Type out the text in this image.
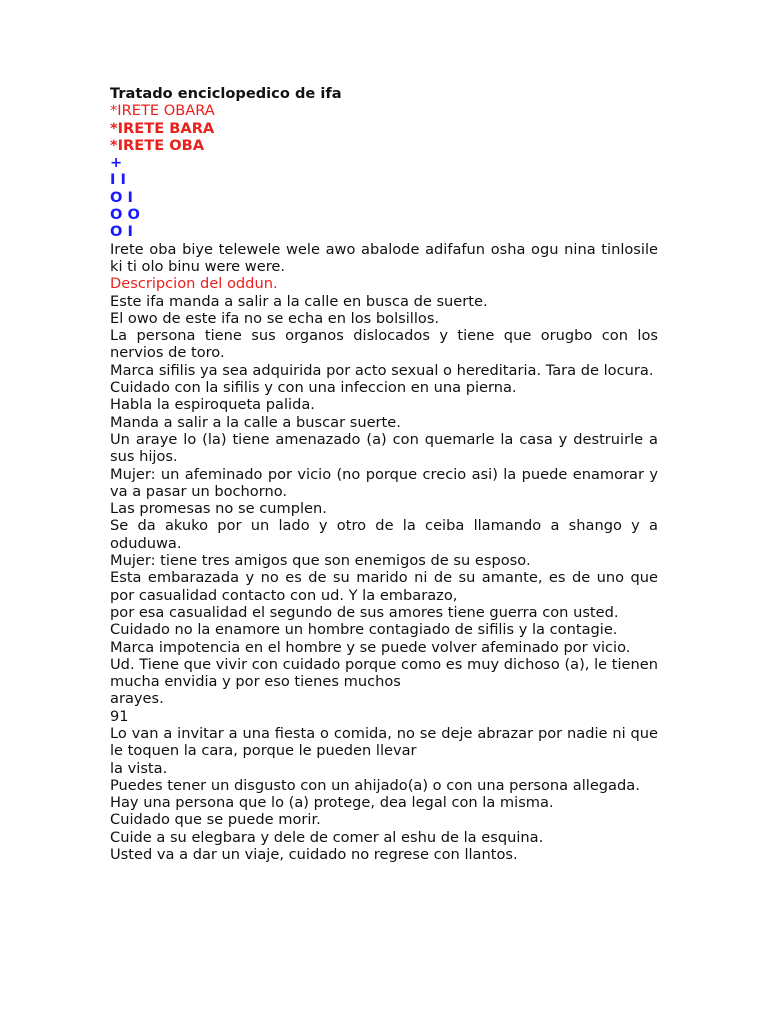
Tratado enciclopedico de ifa
*IRETE OBARA
*IRETE BARA
*IRETE OBA
+
I I
O I
O O
O I
Irete oba biye telewele wele awo abalode adifafun osha ogu nina tinlosile ki ti olo binu were were.
Descripcion del oddun.
Este ifa manda a salir a la calle en busca de suerte.
El owo de este ifa no se echa en los bolsillos.
La persona tiene sus organos dislocados y tiene que orugbo con los nervios de toro.
Marca sifilis ya sea adquirida por acto sexual o hereditaria. Tara de locura.
Cuidado con la sifilis y con una infeccion en una pierna.
Habla la espiroqueta palida.
Manda a salir a la calle a buscar suerte.
Un araye lo (la) tiene amenazado (a) con quemarle la casa y destruirle a sus hijos.
Mujer: un afeminado por vicio (no porque crecio asi) la puede enamorar y va a pasar un bochorno.
Las promesas no se cumplen.
Se da akuko por un lado y otro de la ceiba llamando a shango y a oduduwa.
Mujer: tiene tres amigos que son enemigos de su esposo.
Esta embarazada y no es de su marido ni de su amante, es de uno que por casualidad contacto con ud. Y la embarazo,
por esa casualidad el segundo de sus amores tiene guerra con usted.
Cuidado no la enamore un hombre contagiado de sifilis y la contagie.
Marca impotencia en el hombre y se puede volver afeminado por vicio.
Ud. Tiene que vivir con cuidado porque como es muy dichoso (a), le tienen mucha envidia y por eso tienes muchos
arayes.
91
Lo van a invitar a una fiesta o comida, no se deje abrazar por nadie ni que le toquen la cara, porque le pueden llevar
la vista.
Puedes tener un disgusto con un ahijado(a) o con una persona allegada.
Hay una persona que lo (a) protege, dea legal con la misma.
Cuidado que se puede morir.
Cuide a su elegbara y dele de comer al eshu de la esquina.
Usted va a dar un viaje, cuidado no regrese con llantos.
